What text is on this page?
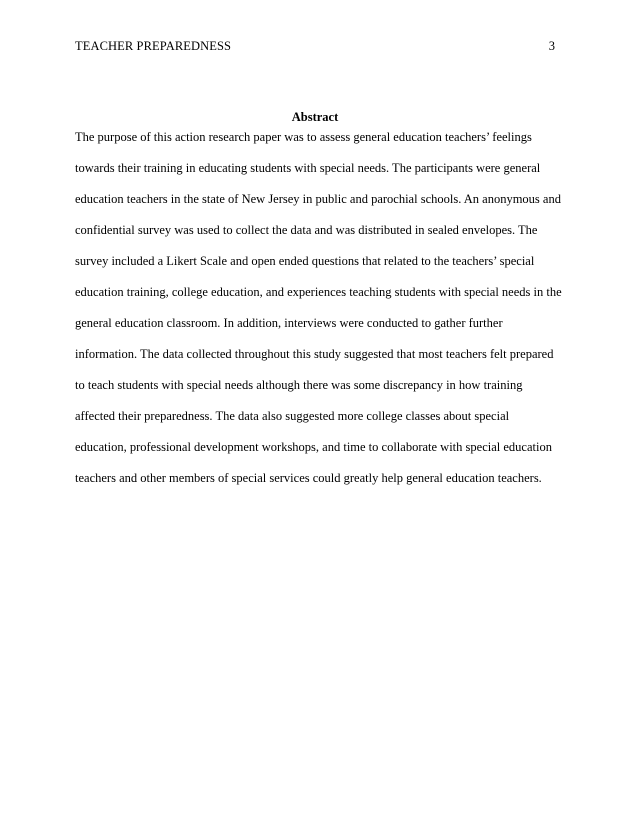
TEACHER PREPAREDNESS	3
Abstract
The purpose of this action research paper was to assess general education teachers’ feelings
towards their training in educating students with special needs. The participants were general
education teachers in the state of New Jersey in public and parochial schools. An anonymous and
confidential survey was used to collect the data and was distributed in sealed envelopes. The
survey included a Likert Scale and open ended questions that related to the teachers’ special
education training, college education, and experiences teaching students with special needs in the
general education classroom. In addition, interviews were conducted to gather further
information. The data collected throughout this study suggested that most teachers felt prepared
to teach students with special needs although there was some discrepancy in how training
affected their preparedness. The data also suggested more college classes about special
education, professional development workshops, and time to collaborate with special education
teachers and other members of special services could greatly help general education teachers.
